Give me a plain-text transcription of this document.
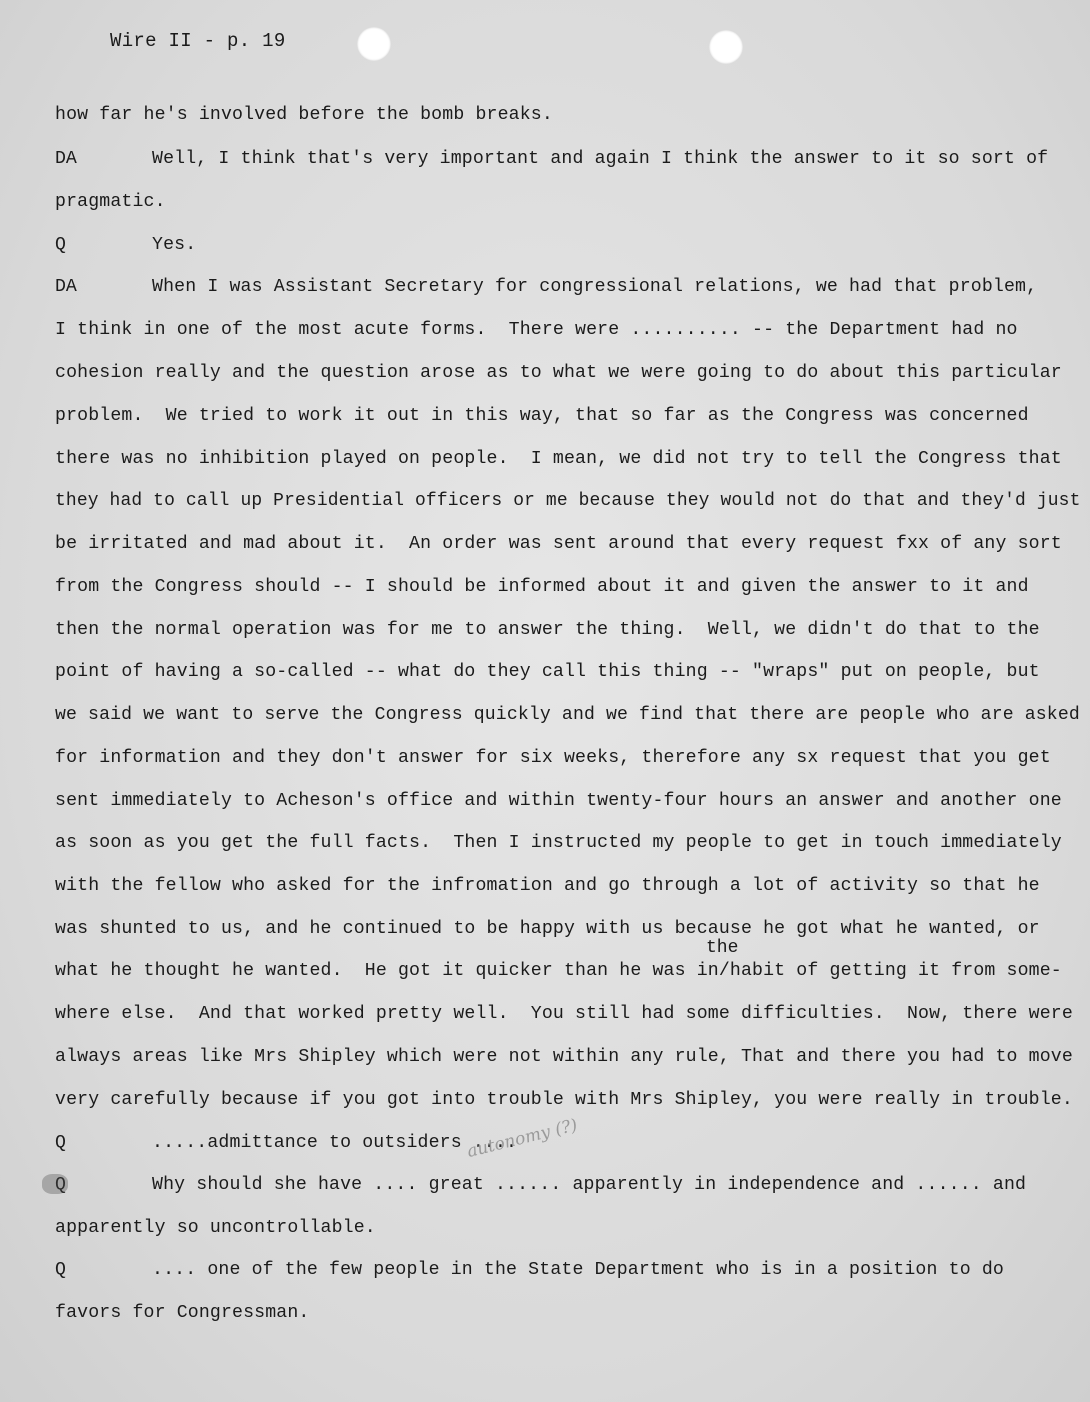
Wire II - p. 19
how far he's involved before the bomb breaks.
DA	Well, I think that's very important and again I think the answer to it so sort of
pragmatic.
Q	Yes.
DA	When I was Assistant Secretary for congressional relations, we had that problem,
I think in one of the most acute forms.  There were .......... -- the Department had no
cohesion really and the question arose as to what we were going to do about this particular
problem.  We tried to work it out in this way, that so far as the Congress was concerned
there was no inhibition played on people.  I mean, we did not try to tell the Congress that
they had to call up Presidential officers or me because they would not do that and they'd just
be irritated and mad about it.  An order was sent around that every request fxx of any sort
from the Congress should -- I should be informed about it and given the answer to it and
then the normal operation was for me to answer the thing.  Well, we didn't do that to the
point of having a so-called -- what do they call this thing -- "wraps" put on people, but
we said we want to serve the Congress quickly and we find that there are people who are asked
for information and they don't answer for six weeks, therefore any sx request that you get
sent immediately to Acheson's office and within twenty-four hours an answer and another one
as soon as you get the full facts.  Then I instructed my people to get in touch immediately
with the fellow who asked for the infromation and go through a lot of activity so that he
was shunted to us, and he continued to be happy with us because he got what he wanted, or
what he thought he wanted.  He got it quicker than he was in/habit of getting it from some-
where else.  And that worked pretty well.  You still had some difficulties.  Now, there were
always areas like Mrs Shipley which were not within any rule, That and there you had to move
very carefully because if you got into trouble with Mrs Shipley, you were really in trouble.
Q	.....admittance to outsiders ....
Q	Why should she have .... great ...... apparently in independence and ...... and
apparently so uncontrollable.
Q	.... one of the few people in the State Department who is in a position to do
favors for Congressman.
the
autonomy (?)
